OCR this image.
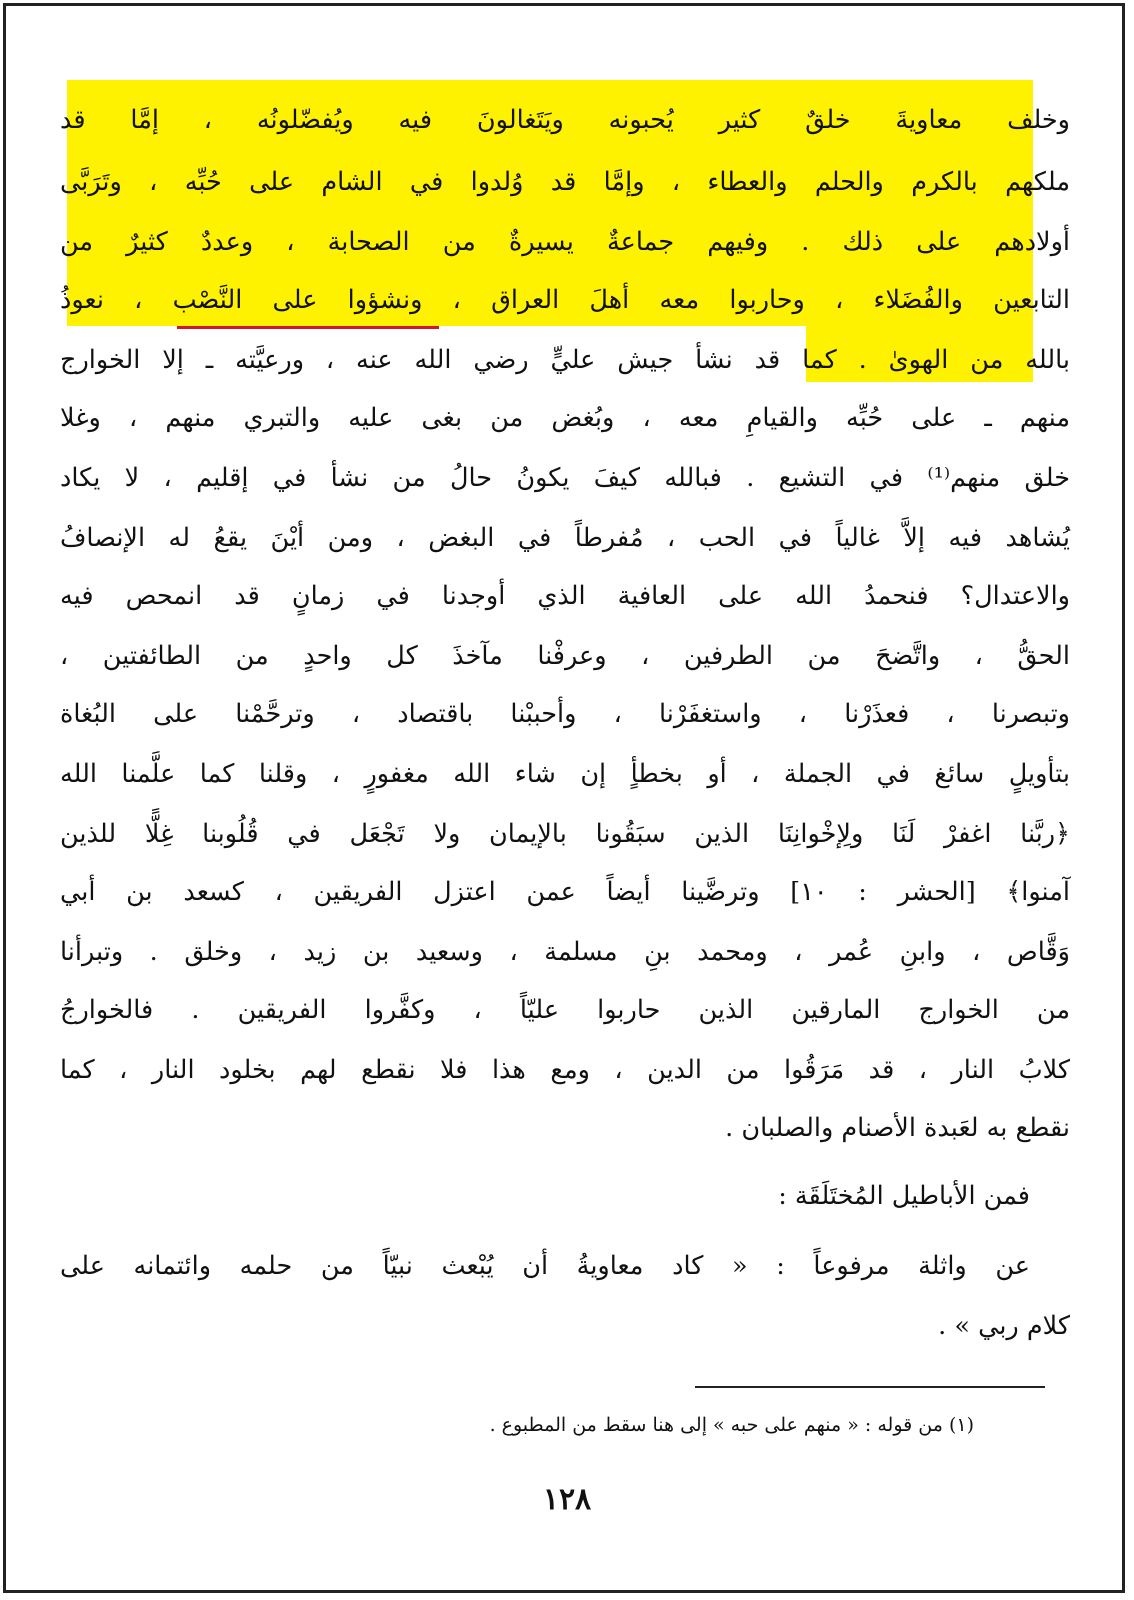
وخلف معاويةَ خلقٌ كثير يُحبونه ويَتَغالونَ فيه ويُفضّلونُه ، إمَّا قد

ملكهم بالكرم والحلم والعطاء ، وإمَّا قد وُلدوا في الشام على حُبِّه ، وتَرَبَّى

أولادهم على ذلك . وفيهم جماعةٌ يسيرةٌ من الصحابة ، وعددٌ كثيرٌ من

التابعين والفُضَلاء ، وحاربوا معه أهلَ العراق ، ونشؤوا على النَّصْب ، نعوذُ

بالله من الهوىٰ . كما قد نشأ جيش عليٍّ رضي الله عنه ، ورعيَّته ـ إلا الخوارج

منهم ـ على حُبِّه والقيامِ معه ، وبُغض من بغى عليه والتبري منهم ، وغلا

خلق منهم⁽¹⁾ في التشيع . فبالله كيفَ يكونُ حالُ من نشأ في إقليم ، لا يكاد

يُشاهد فيه إلاَّ غالياً في الحب ، مُفرطاً في البغض ، ومن أيْنَ يقعُ له الإنصافُ

والاعتدال؟ فنحمدُ الله على العافية الذي أوجدنا في زمانٍ قد انمحص فيه

الحقُّ ، واتَّضحَ من الطرفين ، وعرفْنا مآخذَ كل واحدٍ من الطائفتين ،

وتبصرنا ، فعذَرْنا ، واستغفَرْنا ، وأحببْنا باقتصاد ، وترحَّمْنا على البُغاة

بتأويلٍ سائغ في الجملة ، أو بخطأٍ إن شاء الله مغفورٍ ، وقلنا كما علَّمنا الله

﴿ربَّنا اغفرْ لَنَا ولِإخْوانِنَا الذين سبَقُونا بالإيمان ولا تَجْعَل في قُلُوبنا غِلًّا للذين

آمنوا﴾ [الحشر : ١٠] وترضَّينا أيضاً عمن اعتزل الفريقين ، كسعد بن أبي

وَقَّاص ، وابنِ عُمر ، ومحمد بنِ مسلمة ، وسعيد بن زيد ، وخلق . وتبرأنا

من الخوارج المارقين الذين حاربوا عليّاً ، وكفَّروا الفريقين . فالخوارجُ

كلابُ النار ، قد مَرَقُوا من الدين ، ومع هذا فلا نقطع لهم بخلود النار ، كما

نقطع به لعَبدة الأصنام والصلبان .

فمن الأباطيل المُختَلَقَة :

عن واثلة مرفوعاً : « كاد معاويةُ أن يُبْعث نبيّاً من حلمه وائتمانه على

كلام ربي » .

(١) من قوله : « منهم على حبه » إلى هنا سقط من المطبوع .
١٢٨
